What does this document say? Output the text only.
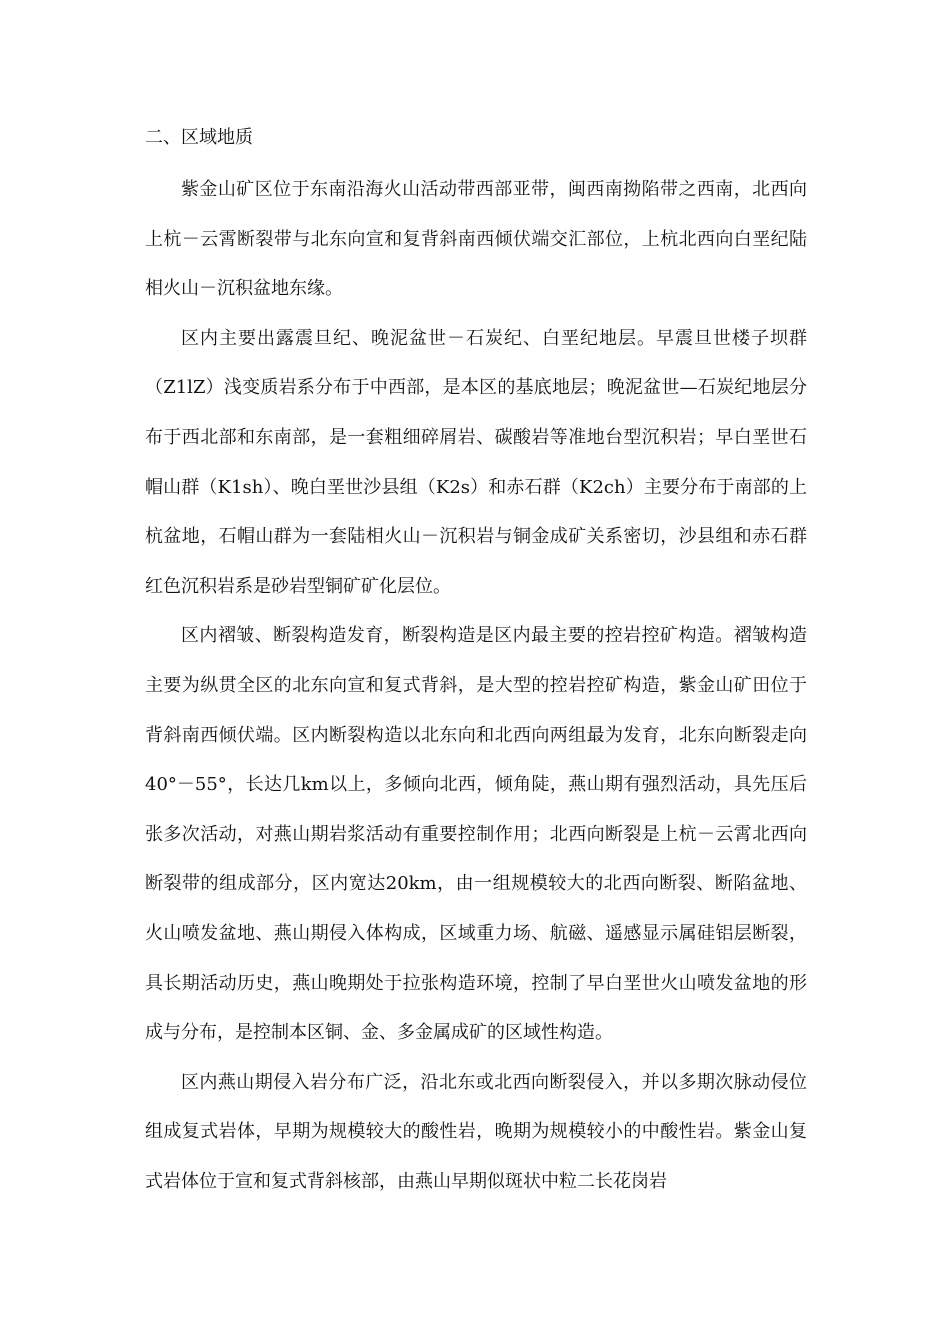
二、区域地质

紫金山矿区位于东南沿海火山活动带西部亚带，闽西南拗陷带之西南，北西向上杭－云霄断裂带与北东向宣和复背斜南西倾伏端交汇部位，上杭北西向白垩纪陆相火山－沉积盆地东缘。

区内主要出露震旦纪、晚泥盆世－石炭纪、白垩纪地层。早震旦世楼子坝群（Z1lZ）浅变质岩系分布于中西部，是本区的基底地层；晚泥盆世—石炭纪地层分布于西北部和东南部，是一套粗细碎屑岩、碳酸岩等准地台型沉积岩；早白垩世石帽山群（K1sh）、晚白垩世沙县组（K2s）和赤石群（K2ch）主要分布于南部的上杭盆地，石帽山群为一套陆相火山－沉积岩与铜金成矿关系密切，沙县组和赤石群红色沉积岩系是砂岩型铜矿矿化层位。

区内褶皱、断裂构造发育，断裂构造是区内最主要的控岩控矿构造。褶皱构造主要为纵贯全区的北东向宣和复式背斜，是大型的控岩控矿构造，紫金山矿田位于背斜南西倾伏端。区内断裂构造以北东向和北西向两组最为发育，北东向断裂走向40°－55°，长达几km以上，多倾向北西，倾角陡，燕山期有强烈活动，具先压后张多次活动，对燕山期岩浆活动有重要控制作用；北西向断裂是上杭－云霄北西向断裂带的组成部分，区内宽达20km，由一组规模较大的北西向断裂、断陷盆地、火山喷发盆地、燕山期侵入体构成，区域重力场、航磁、遥感显示属硅铝层断裂，具长期活动历史，燕山晚期处于拉张构造环境，控制了早白垩世火山喷发盆地的形成与分布，是控制本区铜、金、多金属成矿的区域性构造。

区内燕山期侵入岩分布广泛，沿北东或北西向断裂侵入，并以多期次脉动侵位组成复式岩体，早期为规模较大的酸性岩，晚期为规模较小的中酸性岩。紫金山复式岩体位于宣和复式背斜核部，由燕山早期似斑状中粒二长花岗岩
